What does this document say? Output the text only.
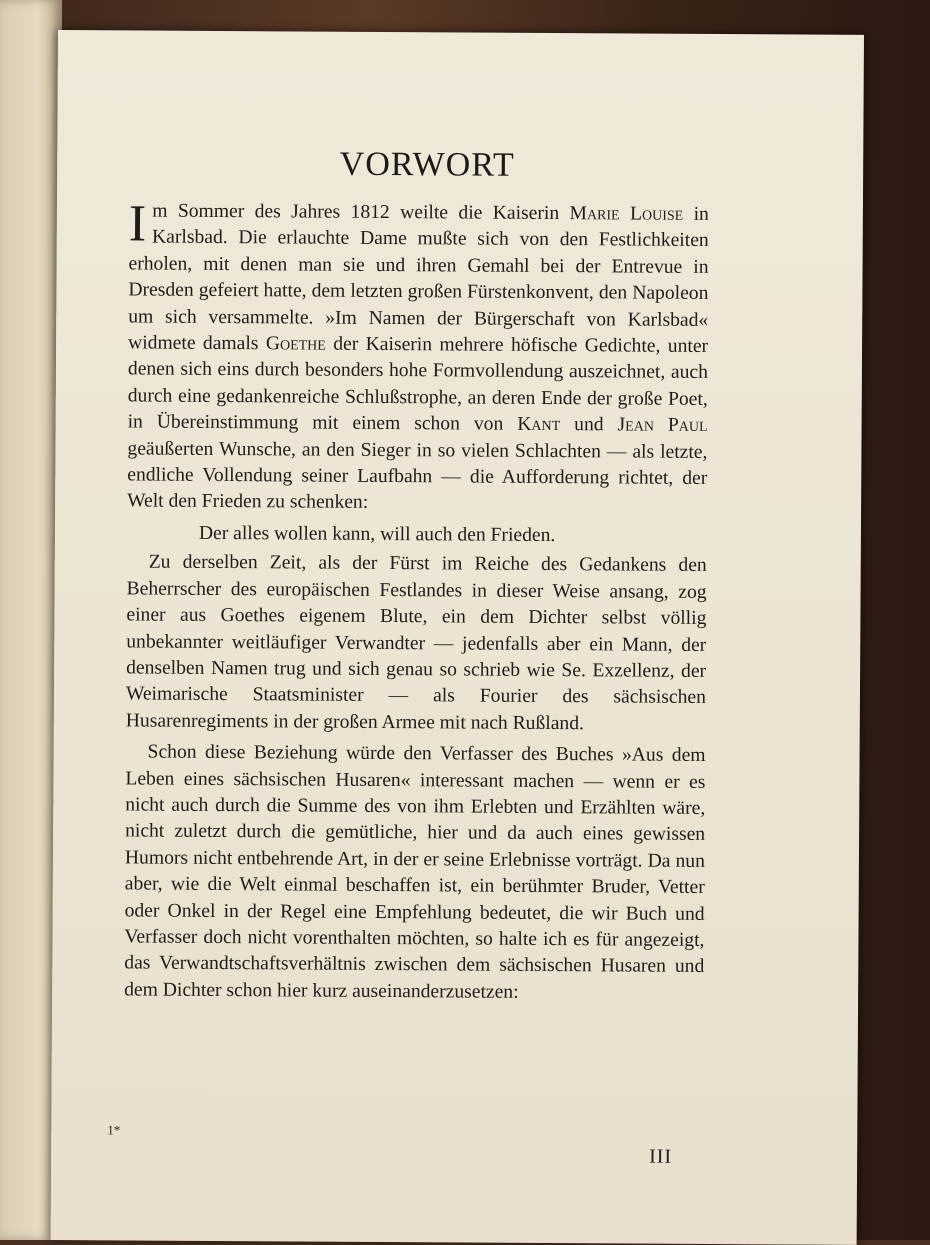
VORWORT

Im Sommer des Jahres 1812 weilte die Kaiserin Marie Louise in Karlsbad. Die erlauchte Dame mußte sich von den Festlichkeiten erholen, mit denen man sie und ihren Gemahl bei der Entrevue in Dresden gefeiert hatte, dem letzten großen Fürstenkonvent, den Napoleon um sich versammelte. »Im Namen der Bürgerschaft von Karlsbad« widmete damals Goethe der Kaiserin mehrere höfische Gedichte, unter denen sich eins durch besonders hohe Formvollendung auszeichnet, auch durch eine gedankenreiche Schlußstrophe, an deren Ende der große Poet, in Übereinstimmung mit einem schon von Kant und Jean Paul geäußerten Wunsche, an den Sieger in so vielen Schlachten — als letzte, endliche Vollendung seiner Laufbahn — die Aufforderung richtet, der Welt den Frieden zu schenken:

Der alles wollen kann, will auch den Frieden.

Zu derselben Zeit, als der Fürst im Reiche des Gedankens den Beherrscher des europäischen Festlandes in dieser Weise ansang, zog einer aus Goethes eigenem Blute, ein dem Dichter selbst völlig unbekannter weitläufiger Verwandter — jedenfalls aber ein Mann, der denselben Namen trug und sich genau so schrieb wie Se. Exzellenz, der Weimarische Staatsminister — als Fourier des sächsischen Husarenregiments in der großen Armee mit nach Rußland.

Schon diese Beziehung würde den Verfasser des Buches »Aus dem Leben eines sächsischen Husaren« interessant machen — wenn er es nicht auch durch die Summe des von ihm Erlebten und Erzählten wäre, nicht zuletzt durch die gemütliche, hier und da auch eines gewissen Humors nicht entbehrende Art, in der er seine Erlebnisse vorträgt. Da nun aber, wie die Welt einmal beschaffen ist, ein berühmter Bruder, Vetter oder Onkel in der Regel eine Empfehlung bedeutet, die wir Buch und Verfasser doch nicht vorenthalten möchten, so halte ich es für angezeigt, das Verwandtschaftsverhältnis zwischen dem sächsischen Husaren und dem Dichter schon hier kurz auseinanderzusetzen:

1*
III
